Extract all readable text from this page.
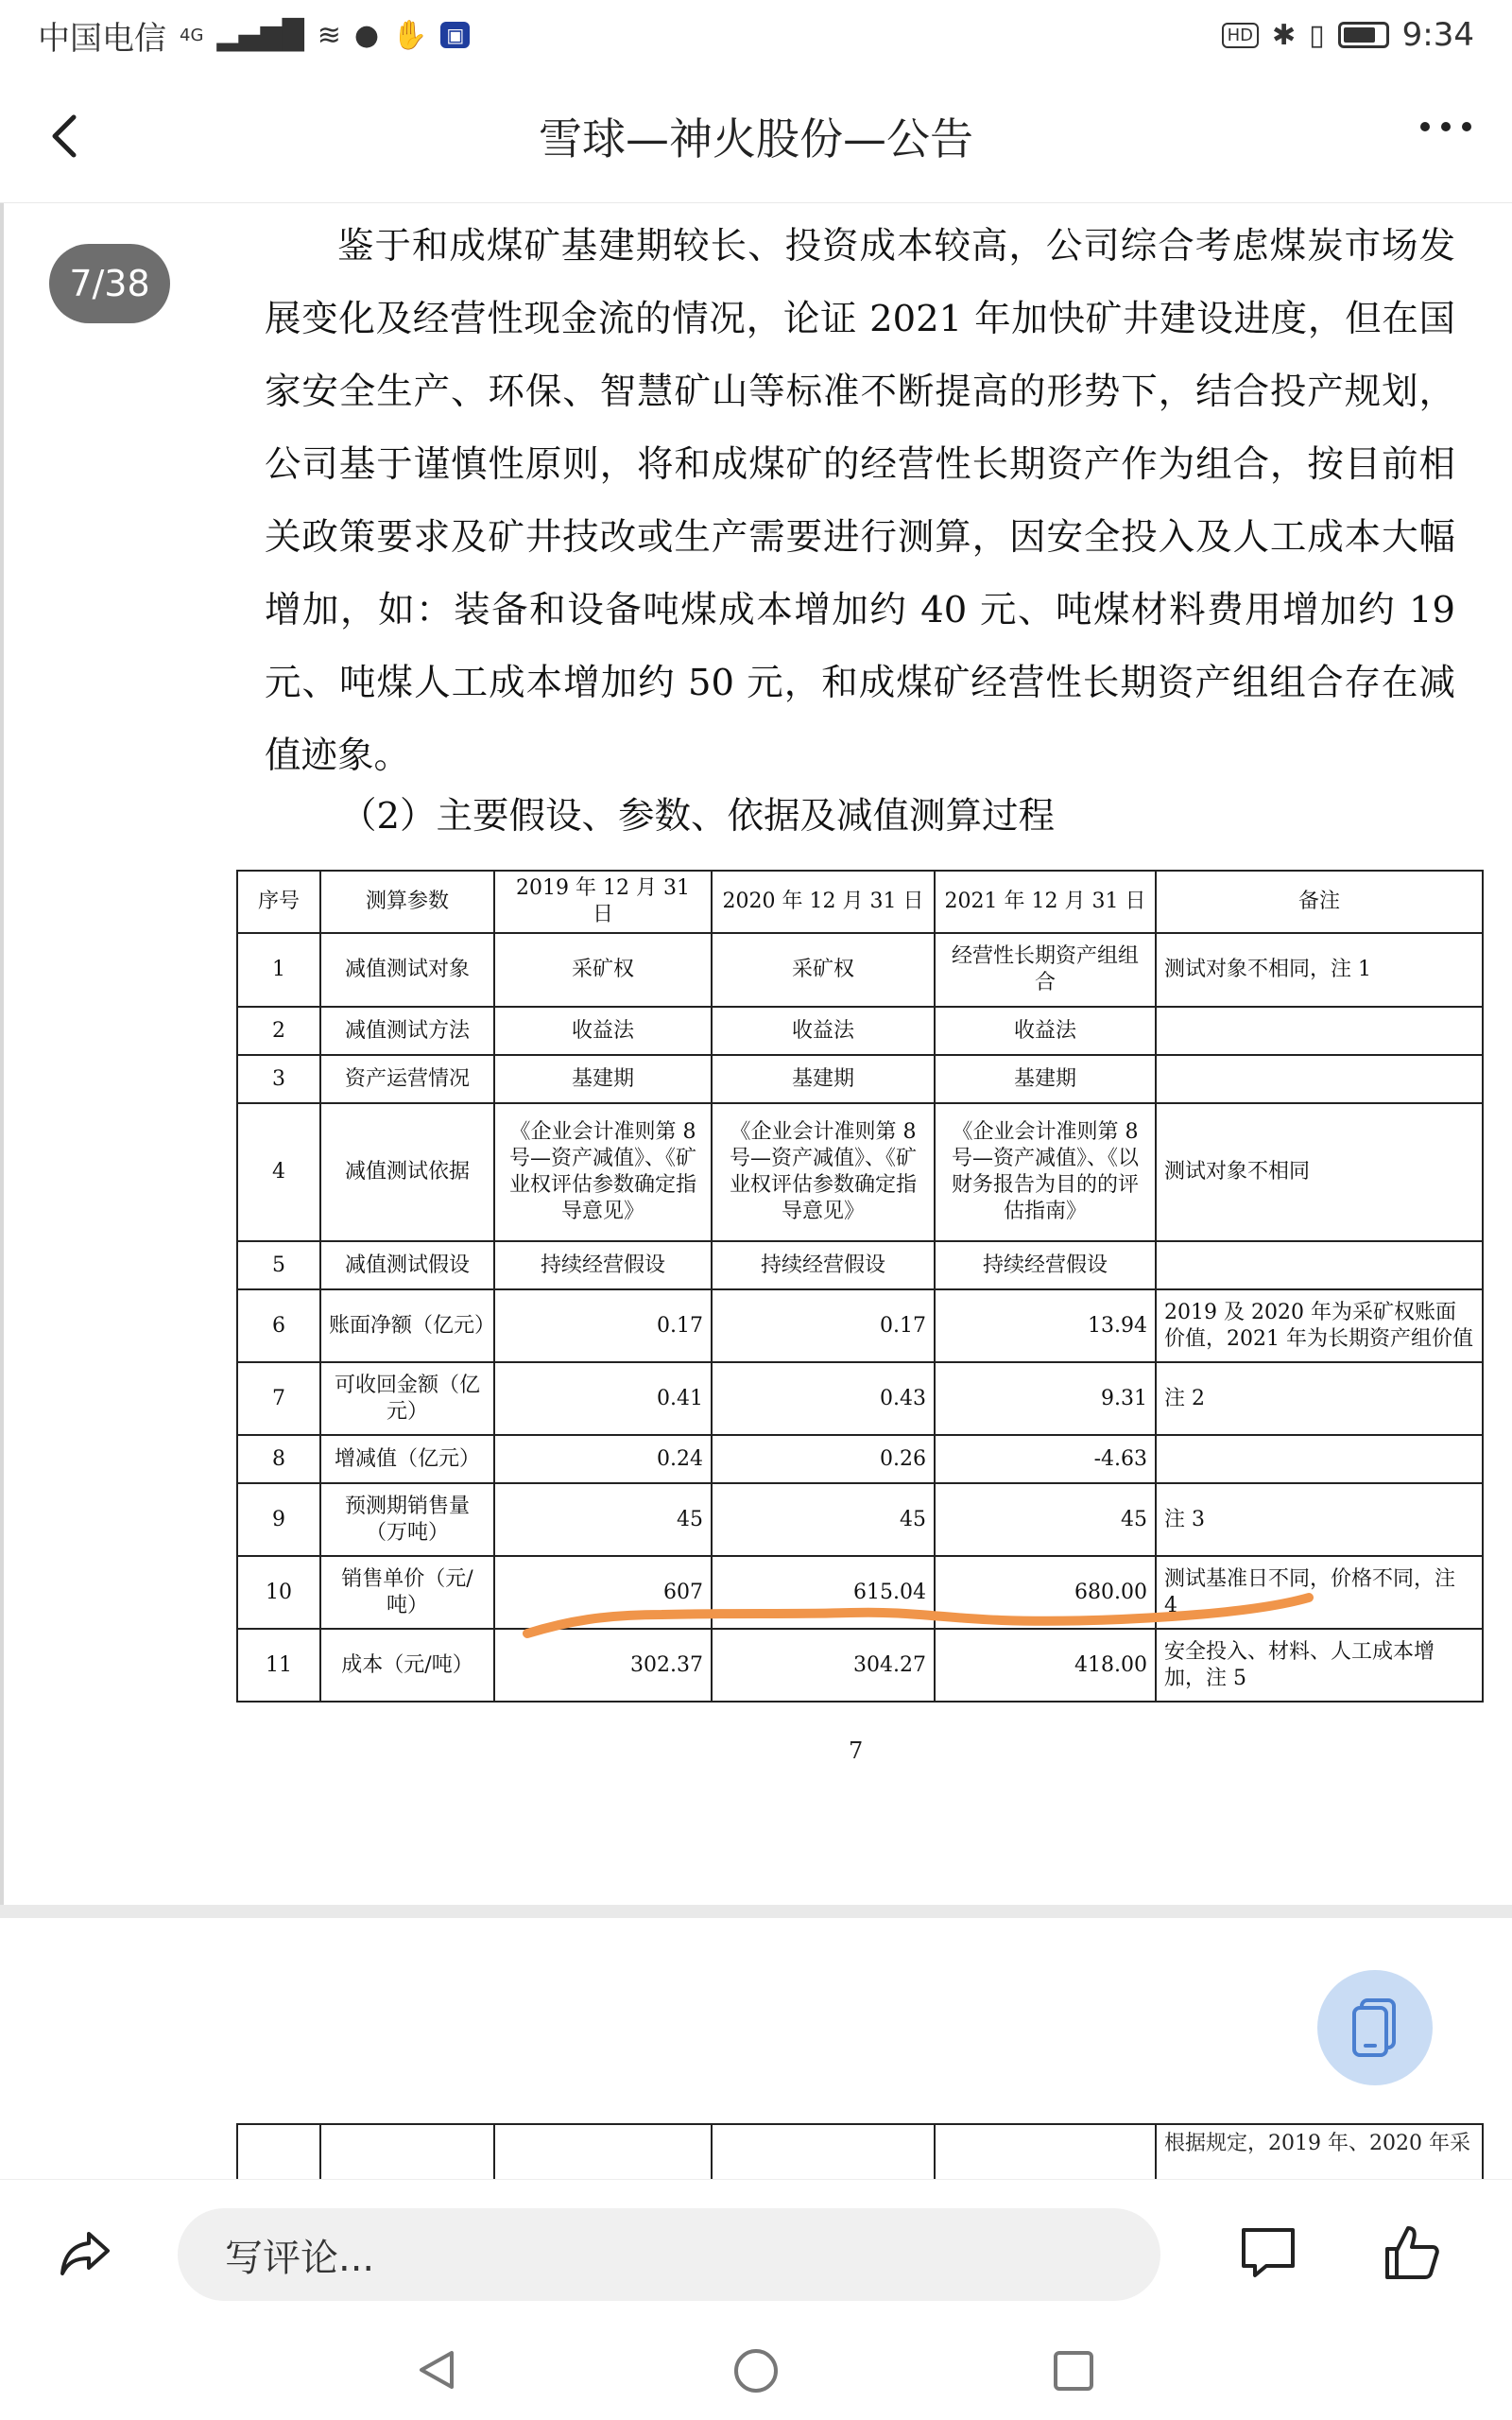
中国电信 4G ▂▄▆█ ≋ ● ✋	▣	HD ✱ ▯ 9:34
雪球—神火股份—公告
7/38

鉴于和成煤矿基建期较长、投资成本较高，公司综合考虑煤炭市场发展变化及经营性现金流的情况，论证 2021 年加快矿井建设进度，但在国家安全生产、环保、智慧矿山等标准不断提高的形势下，结合投产规划，公司基于谨慎性原则，将和成煤矿的经营性长期资产作为组合，按目前相关政策要求及矿井技改或生产需要进行测算，因安全投入及人工成本大幅增加，如：装备和设备吨煤成本增加约 40 元、吨煤材料费用增加约 19 元、吨煤人工成本增加约 50 元，和成煤矿经营性长期资产组组合存在减值迹象。

（2）主要假设、参数、依据及减值测算过程

序号	测算参数	2019 年 12 月 31 日	2020 年 12 月 31 日	2021 年 12 月 31 日	备注
1	减值测试对象	采矿权	采矿权	经营性长期资产组组合	测试对象不相同，注 1
2	减值测试方法	收益法	收益法	收益法	
3	资产运营情况	基建期	基建期	基建期	
4	减值测试依据	《企业会计准则第 8 号—资产减值》、《矿业权评估参数确定指导意见》	《企业会计准则第 8 号—资产减值》、《矿业权评估参数确定指导意见》	《企业会计准则第 8 号—资产减值》、《以财务报告为目的的评估指南》	测试对象不相同
5	减值测试假设	持续经营假设	持续经营假设	持续经营假设	
6	账面净额（亿元）	0.17	0.17	13.94	2019 及 2020 年为采矿权账面价值，2021 年为长期资产组价值
7	可收回金额（亿元）	0.41	0.43	9.31	注 2
8	增减值（亿元）	0.24	0.26	-4.63	
9	预测期销售量（万吨）	45	45	45	注 3
10	销售单价（元/吨）	607	615.04	680.00	测试基准日不同，价格不同，注 4
11	成本（元/吨）	302.37	304.27	418.00	安全投入、材料、人工成本增加，注 5
7
					根据规定，2019 年、2020 年采
写评论...
